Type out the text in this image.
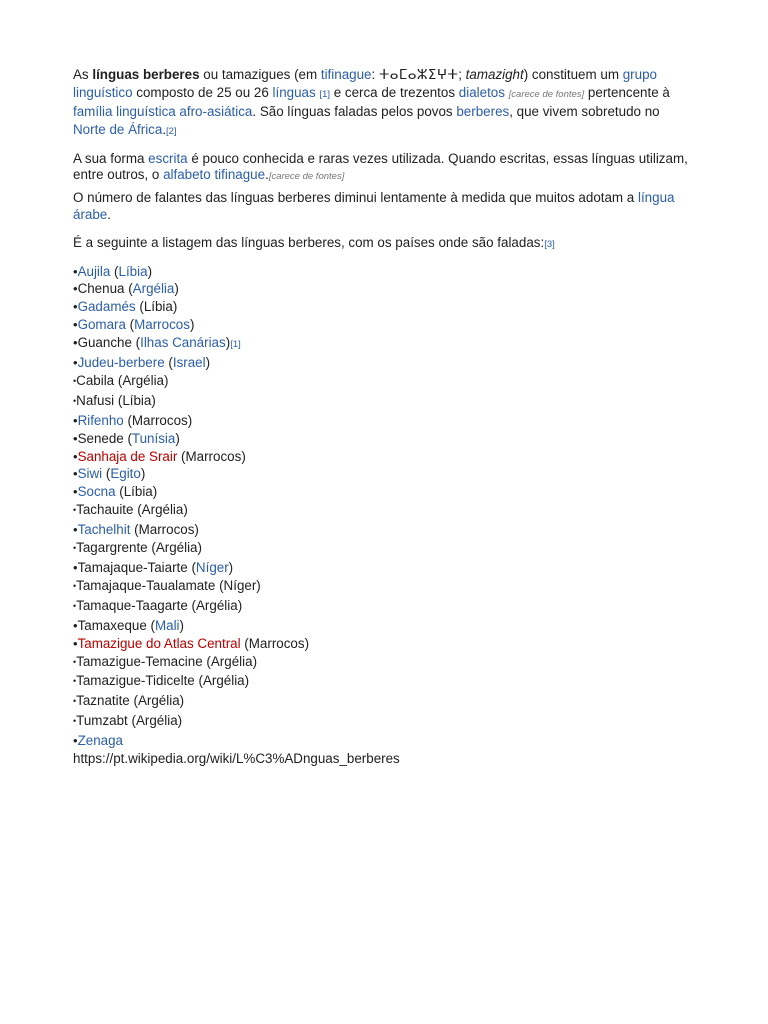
As línguas berberes ou tamazigues (em tifinague: ⵜⴰⵎⴰⵣⵉⵖⵜ; tamazight) constituem um grupo linguístico composto de 25 ou 26 línguas [1] e cerca de trezentos dialetos [carece de fontes] pertencente à família linguística afro-asiática. São línguas faladas pelos povos berberes, que vivem sobretudo no Norte de África.[2]

A sua forma escrita é pouco conhecida e raras vezes utilizada. Quando escritas, essas línguas utilizam, entre outros, o alfabeto tifinague.[carece de fontes]

O número de falantes das línguas berberes diminui lentamente à medida que muitos adotam a língua árabe.

É a seguinte a listagem das línguas berberes, com os países onde são faladas:[3]

•Aujila (Líbia)
•Chenua (Argélia)
•Gadamés (Líbia)
•Gomara (Marrocos)
•Guanche (Ilhas Canárias)[1]
•Judeu-berbere (Israel)
•Cabila (Argélia)
•Nafusi (Líbia)
•Rifenho (Marrocos)
•Senede (Tunísia)
•Sanhaja de Srair (Marrocos)
•Siwi (Egito)
•Socna (Líbia)
•Tachauite (Argélia)
•Tachelhit (Marrocos)
•Tagargrente (Argélia)
•Tamajaque-Taiarte (Níger)
•Tamajaque-Taualamate (Níger)
•Tamaque-Taagarte (Argélia)
•Tamaxeque (Mali)
•Tamazigue do Atlas Central (Marrocos)
•Tamazigue-Temacine (Argélia)
•Tamazigue-Tidicelte (Argélia)
•Taznatite (Argélia)
•Tumzabt (Argélia)
•Zenaga
https://pt.wikipedia.org/wiki/L%C3%ADnguas_berberes
